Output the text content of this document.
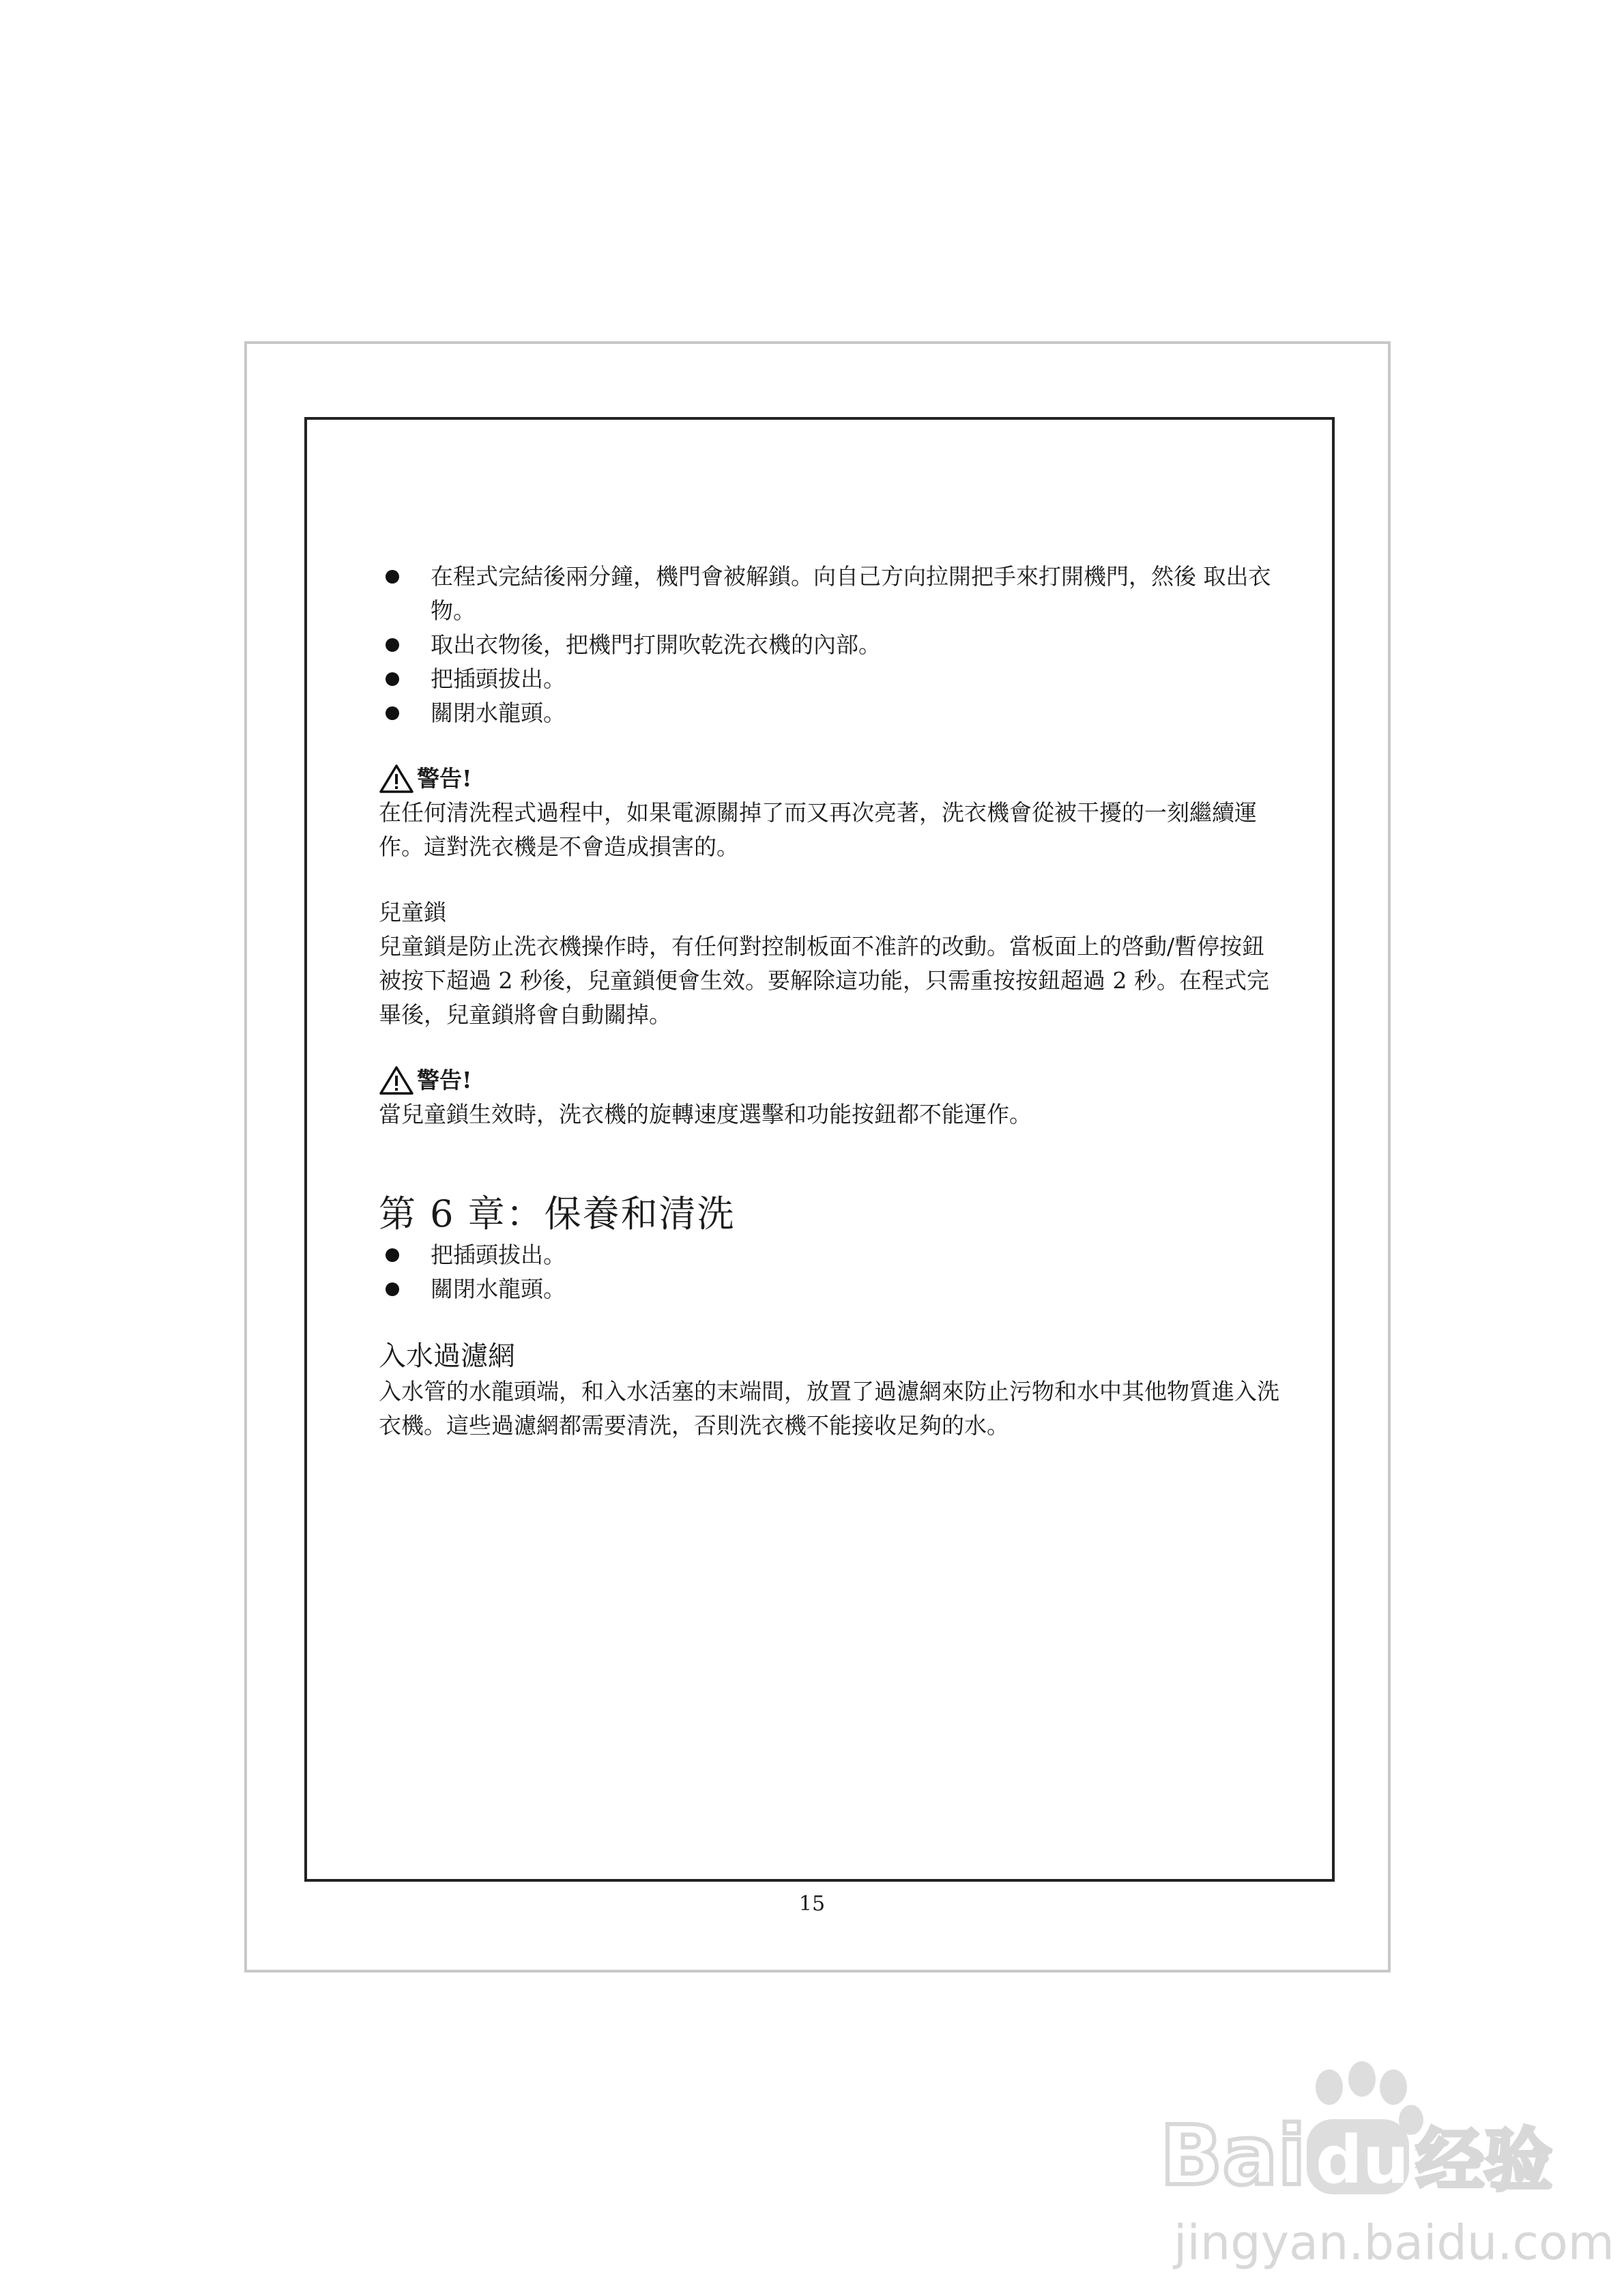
在程式完結後兩分鐘，機門會被解鎖。向自己方向拉開把手來打開機門，然後 取出衣物。
取出衣物後，把機門打開吹乾洗衣機的內部。
把插頭拔出。
關閉水龍頭。
警告!

在任何清洗程式過程中，如果電源關掉了而又再次亮著，洗衣機會從被干擾的一刻繼續運作。這對洗衣機是不會造成損害的。

兒童鎖

兒童鎖是防止洗衣機操作時，有任何對控制板面不准許的改動。當板面上的啓動/暫停按鈕被按下超過 2 秒後，兒童鎖便會生效。要解除這功能，只需重按按鈕超過 2 秒。在程式完畢後，兒童鎖將會自動關掉。

警告!

當兒童鎖生效時，洗衣機的旋轉速度選擊和功能按鈕都不能運作。

第 6 章：保養和清洗
把插頭拔出。
關閉水龍頭。
入水過濾網

入水管的水龍頭端，和入水活塞的末端間，放置了過濾網來防止污物和水中其他物質進入洗衣機。這些過濾網都需要清洗，否則洗衣機不能接收足夠的水。

15
Bai du 经验
jingyan.baidu.com
